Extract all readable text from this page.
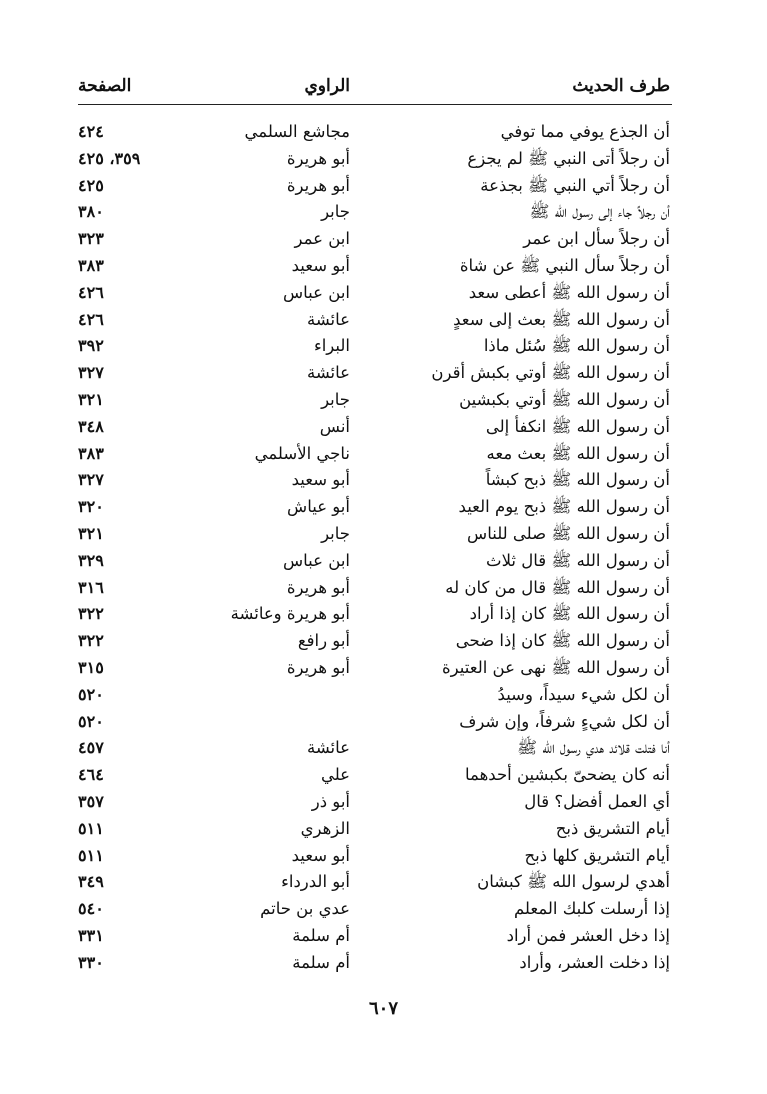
طرف الحديث
الراوي
الصفحة
أن الجذع يوفي مما توفي
مجاشع السلمي
٤٢٤
أن رجلاً أتى النبي ﷺ لم يجزع
أبو هريرة
٣٥٩، ٤٢٥
أن رجلاً أتي النبي ﷺ بجذعة
أبو هريرة
٤٢٥
أن رجلاً جاء إلى رسول الله ﷺ
جابر
٣٨٠
أن رجلاً سأل ابن عمر
ابن عمر
٣٢٣
أن رجلاً سأل النبي ﷺ عن شاة
أبو سعيد
٣٨٣
أن رسول الله ﷺ أعطى سعد
ابن عباس
٤٢٦
أن رسول الله ﷺ بعث إلى سعدٍ
عائشة
٤٢٦
أن رسول الله ﷺ سُئل ماذا
البراء
٣٩٢
أن رسول الله ﷺ أوتي بكبش أقرن
عائشة
٣٢٧
أن رسول الله ﷺ أوتي بكبشين
جابر
٣٢١
أن رسول الله ﷺ انكفأ إلى
أنس
٣٤٨
أن رسول الله ﷺ بعث معه
ناجي الأسلمي
٣٨٣
أن رسول الله ﷺ ذبح كبشاً
أبو سعيد
٣٢٧
أن رسول الله ﷺ ذبح يوم العيد
أبو عياش
٣٢٠
أن رسول الله ﷺ صلى للناس
جابر
٣٢١
أن رسول الله ﷺ قال ثلاث
ابن عباس
٣٢٩
أن رسول الله ﷺ قال من كان له
أبو هريرة
٣١٦
أن رسول الله ﷺ كان إذا أراد
أبو هريرة وعائشة
٣٢٢
أن رسول الله ﷺ كان إذا ضحى
أبو رافع
٣٢٢
أن رسول الله ﷺ نهى عن العتيرة
أبو هريرة
٣١٥
أن لكل شيء سيداً، وسيدُ
٥٢٠
أن لكل شيءٍ شرفاً، وإن شرف
٥٢٠
أنا فتلت قلائد هدي رسول الله ﷺ
عائشة
٤٥٧
أنه كان يضحىّ بكبشين أحدهما
علي
٤٦٤
أي العمل أفضل؟ قال
أبو ذر
٣٥٧
أيام التشريق ذبح
الزهري
٥١١
أيام التشريق كلها ذبح
أبو سعيد
٥١١
أهدي لرسول الله ﷺ كبشان
أبو الدرداء
٣٤٩
إذا أرسلت كلبك المعلم
عدي بن حاتم
٥٤٠
إذا دخل العشر فمن أراد
أم سلمة
٣٣١
إذا دخلت العشر، وأراد
أم سلمة
٣٣٠
٦٠٧
